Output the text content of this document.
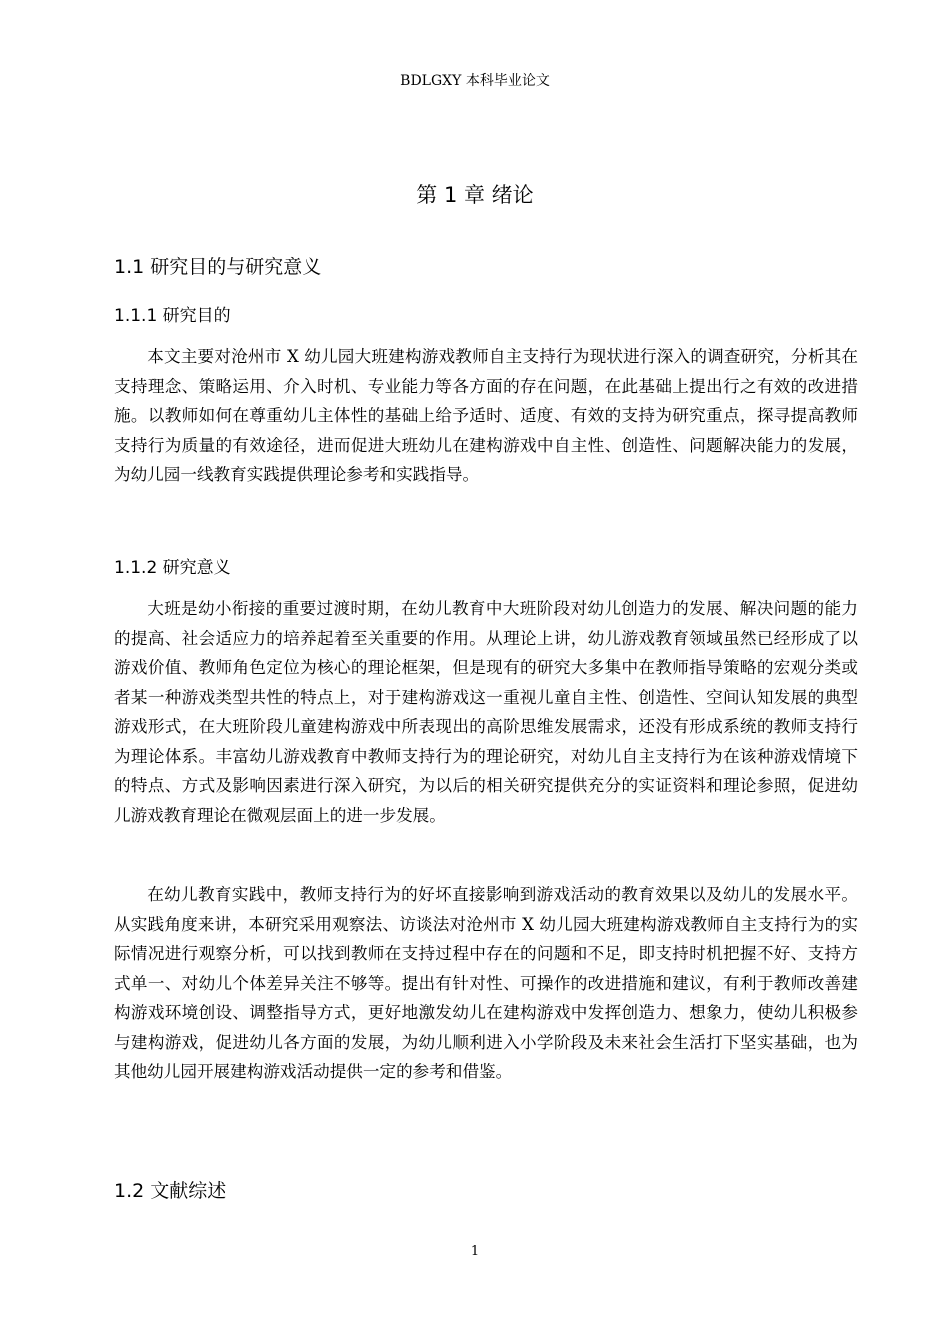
BDLGXY 本科毕业论文
第 1 章 绪论
1.1 研究目的与研究意义
1.1.1 研究目的

本文主要对沧州市 X 幼儿园大班建构游戏教师自主支持行为现状进行深入的调查研究，分析其在支持理念、策略运用、介入时机、专业能力等各方面的存在问题，在此基础上提出行之有效的改进措施。以教师如何在尊重幼儿主体性的基础上给予适时、适度、有效的支持为研究重点，探寻提高教师支持行为质量的有效途径，进而促进大班幼儿在建构游戏中自主性、创造性、问题解决能力的发展，为幼儿园一线教育实践提供理论参考和实践指导。

1.1.2 研究意义

大班是幼小衔接的重要过渡时期，在幼儿教育中大班阶段对幼儿创造力的发展、解决问题的能力的提高、社会适应力的培养起着至关重要的作用。从理论上讲，幼儿游戏教育领域虽然已经形成了以游戏价值、教师角色定位为核心的理论框架，但是现有的研究大多集中在教师指导策略的宏观分类或者某一种游戏类型共性的特点上，对于建构游戏这一重视儿童自主性、创造性、空间认知发展的典型游戏形式，在大班阶段儿童建构游戏中所表现出的高阶思维发展需求，还没有形成系统的教师支持行为理论体系。丰富幼儿游戏教育中教师支持行为的理论研究，对幼儿自主支持行为在该种游戏情境下的特点、方式及影响因素进行深入研究，为以后的相关研究提供充分的实证资料和理论参照，促进幼儿游戏教育理论在微观层面上的进一步发展。

在幼儿教育实践中，教师支持行为的好坏直接影响到游戏活动的教育效果以及幼儿的发展水平。从实践角度来讲，本研究采用观察法、访谈法对沧州市 X 幼儿园大班建构游戏教师自主支持行为的实际情况进行观察分析，可以找到教师在支持过程中存在的问题和不足，即支持时机把握不好、支持方式单一、对幼儿个体差异关注不够等。提出有针对性、可操作的改进措施和建议，有利于教师改善建构游戏环境创设、调整指导方式，更好地激发幼儿在建构游戏中发挥创造力、想象力，使幼儿积极参与建构游戏，促进幼儿各方面的发展，为幼儿顺利进入小学阶段及未来社会生活打下坚实基础，也为其他幼儿园开展建构游戏活动提供一定的参考和借鉴。

1.2 文献综述
1
